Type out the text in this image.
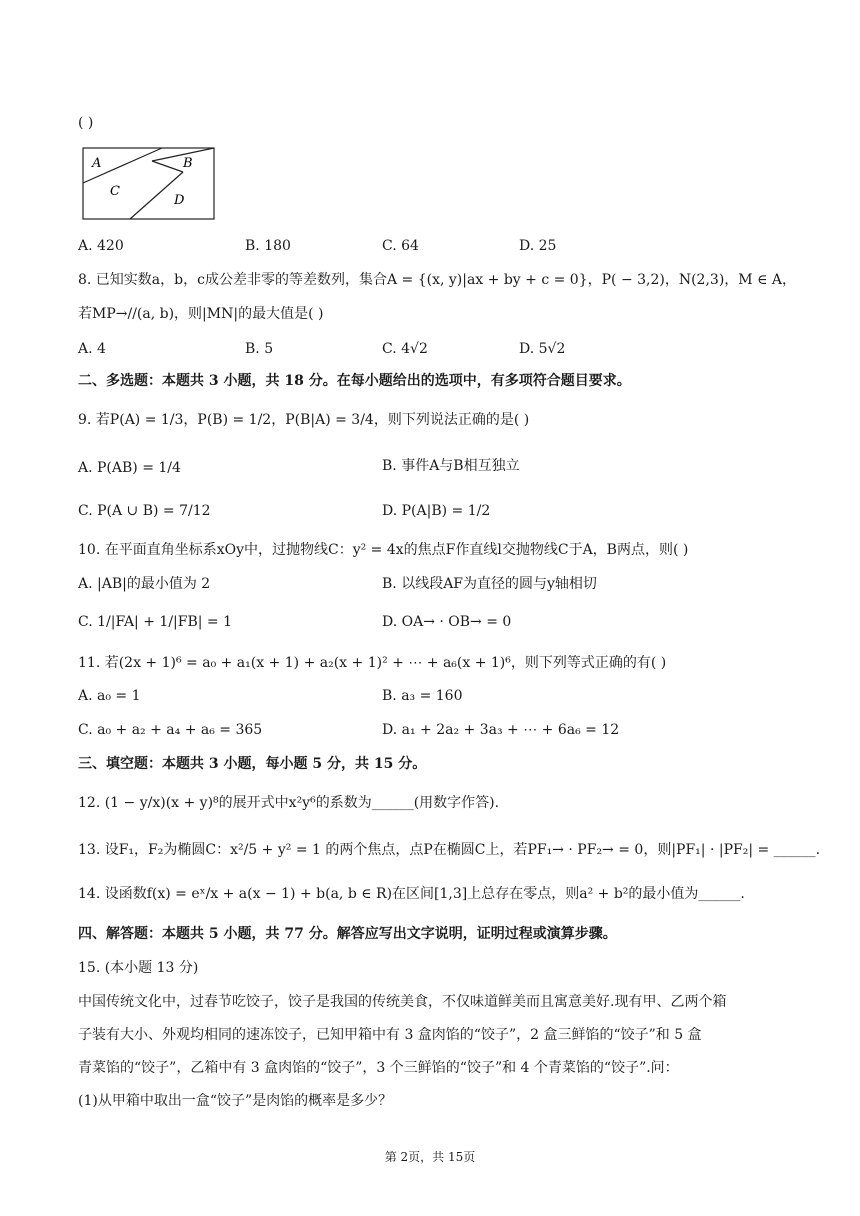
( )
A	B
C
D
A. 420	B. 180	C. 64	D. 25
8. 已知实数a，b，c成公差非零的等差数列，集合A = {(x, y)|ax + by + c = 0}，P( − 3,2)，N(2,3)，M ∈ A，
若MP→//(a, b)，则|MN|的最大值是( )
A. 4	B. 5	C. 4√2	D. 5√2
二、多选题：本题共 3 小题，共 18 分。在每小题给出的选项中，有多项符合题目要求。
9. 若P(A) = 1/3，P(B) = 1/2，P(B|A) = 3/4，则下列说法正确的是( )
A. P(AB) = 1/4	B. 事件A与B相互独立
C. P(A ∪ B) = 7/12	D. P(A|B) = 1/2
10. 在平面直角坐标系xOy中，过抛物线C：y² = 4x的焦点F作直线l交抛物线C于A，B两点，则( )
A. |AB|的最小值为 2	B. 以线段AF为直径的圆与y轴相切
C. 1/|FA| + 1/|FB| = 1	D. OA→ · OB→ = 0
11. 若(2x + 1)⁶ = a₀ + a₁(x + 1) + a₂(x + 1)² + ⋯ + a₆(x + 1)⁶，则下列等式正确的有( )
A. a₀ = 1	B. a₃ = 160
C. a₀ + a₂ + a₄ + a₆ = 365	D. a₁ + 2a₂ + 3a₃ + ⋯ + 6a₆ = 12
三、填空题：本题共 3 小题，每小题 5 分，共 15 分。
12. (1 − y/x)(x + y)⁸的展开式中x²y⁶的系数为______(用数字作答).
13. 设F₁，F₂为椭圆C：x²/5 + y² = 1 的两个焦点，点P在椭圆C上，若PF₁→ · PF₂→ = 0，则|PF₁| · |PF₂| = ______.
14. 设函数f(x) = eˣ/x + a(x − 1) + b(a, b ∈ R)在区间[1,3]上总存在零点，则a² + b²的最小值为______.
四、解答题：本题共 5 小题，共 77 分。解答应写出文字说明，证明过程或演算步骤。
15. (本小题 13 分)
中国传统文化中，过春节吃饺子，饺子是我国的传统美食，不仅味道鲜美而且寓意美好.现有甲、乙两个箱
子装有大小、外观均相同的速冻饺子，已知甲箱中有 3 盒肉馅的“饺子”，2 盒三鲜馅的“饺子”和 5 盒
青菜馅的“饺子”，乙箱中有 3 盒肉馅的“饺子”，3 个三鲜馅的“饺子”和 4 个青菜馅的“饺子”.问：
(1)从甲箱中取出一盒“饺子”是肉馅的概率是多少？
第 2页，共 15页
